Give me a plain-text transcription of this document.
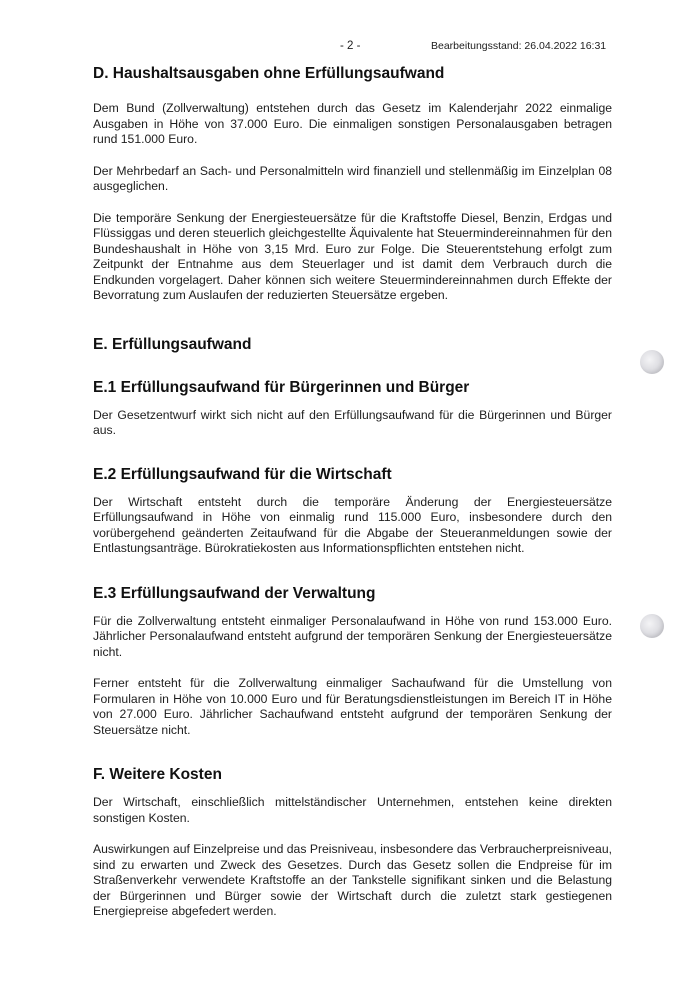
- 2 -	Bearbeitungsstand: 26.04.2022 16:31
D. Haushaltsausgaben ohne Erfüllungsaufwand

Dem Bund (Zollverwaltung) entstehen durch das Gesetz im Kalenderjahr 2022 einmalige Ausgaben in Höhe von 37.000 Euro. Die einmaligen sonstigen Personalausgaben betragen rund 151.000 Euro.

Der Mehrbedarf an Sach- und Personalmitteln wird finanziell und stellenmäßig im Einzelplan 08 ausgeglichen.

Die temporäre Senkung der Energiesteuersätze für die Kraftstoffe Diesel, Benzin, Erdgas und Flüssiggas und deren steuerlich gleichgestellte Äquivalente hat Steuermindereinnahmen für den Bundeshaushalt in Höhe von 3,15 Mrd. Euro zur Folge. Die Steuerentstehung erfolgt zum Zeitpunkt der Entnahme aus dem Steuerlager und ist damit dem Verbrauch durch die Endkunden vorgelagert. Daher können sich weitere Steuermindereinnahmen durch Effekte der Bevorratung zum Auslaufen der reduzierten Steuersätze ergeben.

E. Erfüllungsaufwand
E.1 Erfüllungsaufwand für Bürgerinnen und Bürger

Der Gesetzentwurf wirkt sich nicht auf den Erfüllungsaufwand für die Bürgerinnen und Bürger aus.

E.2 Erfüllungsaufwand für die Wirtschaft

Der Wirtschaft entsteht durch die temporäre Änderung der Energiesteuersätze Erfüllungsaufwand in Höhe von einmalig rund 115.000 Euro, insbesondere durch den vorübergehend geänderten Zeitaufwand für die Abgabe der Steueranmeldungen sowie der Entlastungsanträge. Bürokratiekosten aus Informationspflichten entstehen nicht.

E.3 Erfüllungsaufwand der Verwaltung

Für die Zollverwaltung entsteht einmaliger Personalaufwand in Höhe von rund 153.000 Euro. Jährlicher Personalaufwand entsteht aufgrund der temporären Senkung der Energiesteuersätze nicht.

Ferner entsteht für die Zollverwaltung einmaliger Sachaufwand für die Umstellung von Formularen in Höhe von 10.000 Euro und für Beratungsdienstleistungen im Bereich IT in Höhe von 27.000 Euro. Jährlicher Sachaufwand entsteht aufgrund der temporären Senkung der Steuersätze nicht.

F. Weitere Kosten

Der Wirtschaft, einschließlich mittelständischer Unternehmen, entstehen keine direkten sonstigen Kosten.

Auswirkungen auf Einzelpreise und das Preisniveau, insbesondere das Verbraucherpreisniveau, sind zu erwarten und Zweck des Gesetzes. Durch das Gesetz sollen die Endpreise für im Straßenverkehr verwendete Kraftstoffe an der Tankstelle signifikant sinken und die Belastung der Bürgerinnen und Bürger sowie der Wirtschaft durch die zuletzt stark gestiegenen Energiepreise abgefedert werden.
